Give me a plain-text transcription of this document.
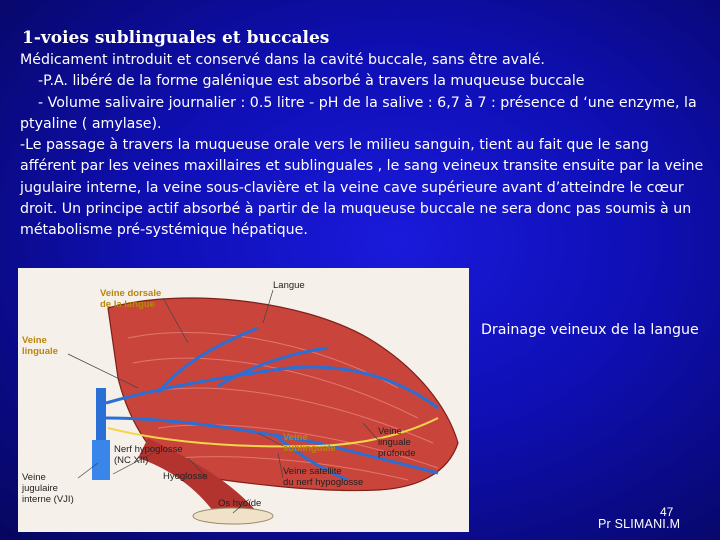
1-voies sublinguales et buccales

Médicament introduit et conservé dans la cavité buccale, sans être avalé.

-P.A. libéré de la forme galénique est absorbé à travers la muqueuse buccale

- Volume salivaire journalier : 0.5 litre - pH de la salive : 6,7 à 7 : présence d ‘une enzyme, la ptyaline ( amylase).

-Le passage à travers la muqueuse orale vers le milieu sanguin, tient au fait que le sang afférent par les veines maxillaires et sublinguales , le sang veineux transite ensuite par la veine jugulaire interne, la veine sous-clavière et la veine cave supérieure avant d’atteindre le cœur droit. Un principe actif absorbé à partir de la muqueuse buccale ne sera donc pas soumis à un métabolisme pré-systémique hépatique.

Langue
Veine dorsale
de la langue
Veine
linguale
Nerf hypoglosse
(NC XII)
Veine
jugulaire
interne (VJI)
Hyoglosse
Os hyoïde
Veine
sublinguale
Veine satellite
du nerf hypoglosse
Veine
linguale
profonde
Drainage veineux de la langue
47
Pr SLIMANI.M
